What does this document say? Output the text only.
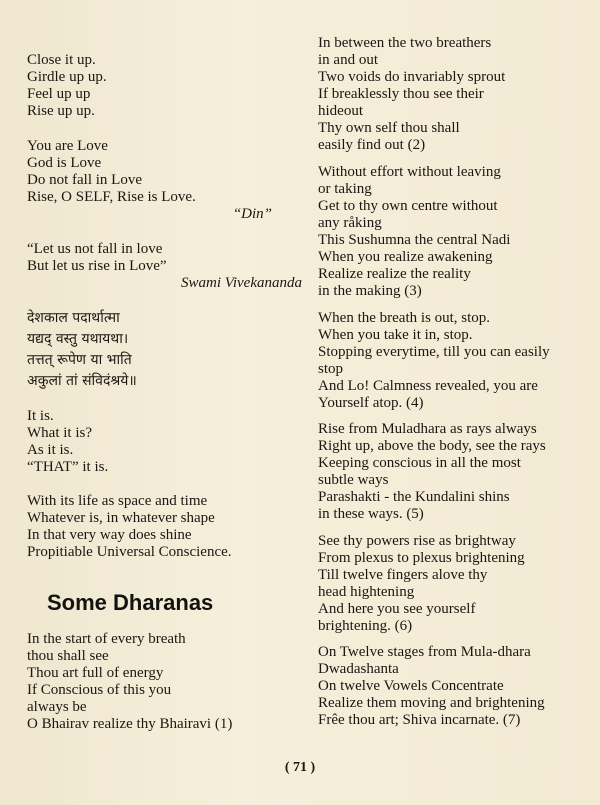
Close it up.
Girdle up up.
Feel up up
Rise up up.
You are Love
God is Love
Do not fall in Love
Rise, O SELF, Rise is Love.
“Din”
“Let us not fall in love
But let us rise in Love”
Swami Vivekananda
देशकाल पदार्थात्मा
यद्यद् वस्तु यथायथा।
तत्तत् रूपेण या भाति
अकुलां तां संविदंश्रये॥
It is.
What it is?
As it is.
“THAT” it is.
With its life as space and time
Whatever is, in whatever shape
In that very way does shine
Propitiable Universal Conscience.
In the start of every breath
thou shall see
Thou art full of energy
If Conscious of this you
always be
O Bhairav realize thy Bhairavi (1)
Some Dharanas
In between the two breathers
in and out
Two voids do invariably sprout
If breaklessly thou see their
hideout
Thy own self thou shall
easily find out (2)
Without effort without leaving
or taking
Get to thy own centre without
any råking
This Sushumna the central Nadi
When you realize awakening
Realize realize the reality
in the making (3)
When the breath is out, stop.
When you take it in, stop.
Stopping everytime, till you can easily
stop
And Lo! Calmness revealed, you are
Yourself atop. (4)
Rise from Muladhara as rays always
Right up, above the body, see the rays
Keeping conscious in all the most
subtle ways
Parashakti - the Kundalini shins
in these ways. (5)
See thy powers rise as brightway
From plexus to plexus brightening
Till twelve fingers alove thy
head hightening
And here you see yourself
brightening. (6)
On Twelve stages from Mula-dhara
Dwadashanta
On twelve Vowels Concentrate
Realize them moving and brightening
Frêe thou art; Shiva incarnate. (7)
( 71 )
